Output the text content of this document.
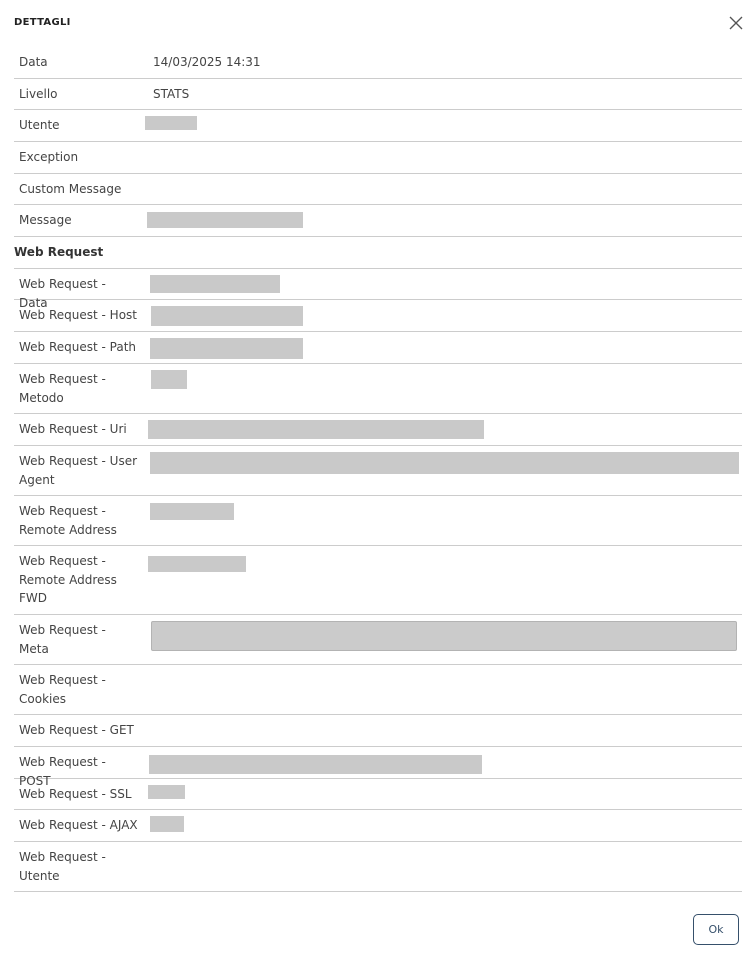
DETTAGLI
Data	14/03/2025 14:31
Livello	STATS
Utente
Exception
Custom Message
Message
Web Request
Web Request - Data
Web Request - Host
Web Request - Path
Web Request - Metodo
Web Request - Uri
Web Request - User Agent
Web Request - Remote Address
Web Request - Remote Address FWD
Web Request - Meta
Web Request - Cookies
Web Request - GET
Web Request - POST
Web Request - SSL
Web Request - AJAX
Web Request - Utente
Ok
